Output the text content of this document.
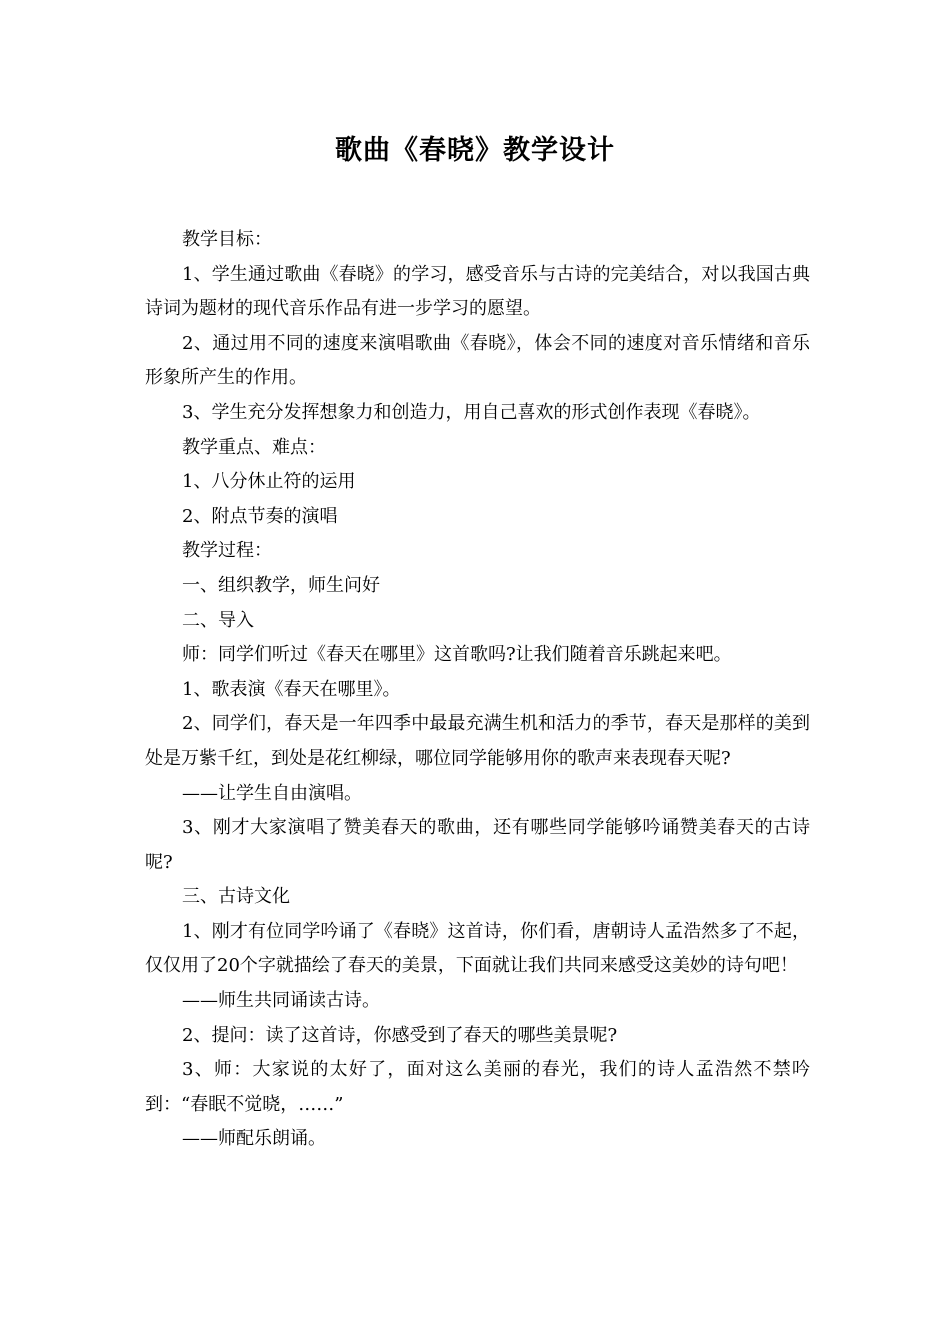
歌曲《春晓》教学设计

教学目标：

1、学生通过歌曲《春晓》的学习，感受音乐与古诗的完美结合，对以我国古典诗词为题材的现代音乐作品有进一步学习的愿望。

2、通过用不同的速度来演唱歌曲《春晓》，体会不同的速度对音乐情绪和音乐形象所产生的作用。

3、学生充分发挥想象力和创造力，用自己喜欢的形式创作表现《春晓》。

教学重点、难点：

1、八分休止符的运用

2、附点节奏的演唱

教学过程：

一、组织教学，师生问好

二、导入

师：同学们听过《春天在哪里》这首歌吗?让我们随着音乐跳起来吧。

1、歌表演《春天在哪里》。

2、同学们，春天是一年四季中最最充满生机和活力的季节，春天是那样的美到处是万紫千红，到处是花红柳绿，哪位同学能够用你的歌声来表现春天呢?

——让学生自由演唱。

3、刚才大家演唱了赞美春天的歌曲，还有哪些同学能够吟诵赞美春天的古诗呢?

三、古诗文化

1、刚才有位同学吟诵了《春晓》这首诗，你们看，唐朝诗人孟浩然多了不起，仅仅用了20个字就描绘了春天的美景，下面就让我们共同来感受这美妙的诗句吧！

——师生共同诵读古诗。

2、提问：读了这首诗，你感受到了春天的哪些美景呢?

3、师：大家说的太好了，面对这么美丽的春光，我们的诗人孟浩然不禁吟到：“春眠不觉晓，……”

——师配乐朗诵。
